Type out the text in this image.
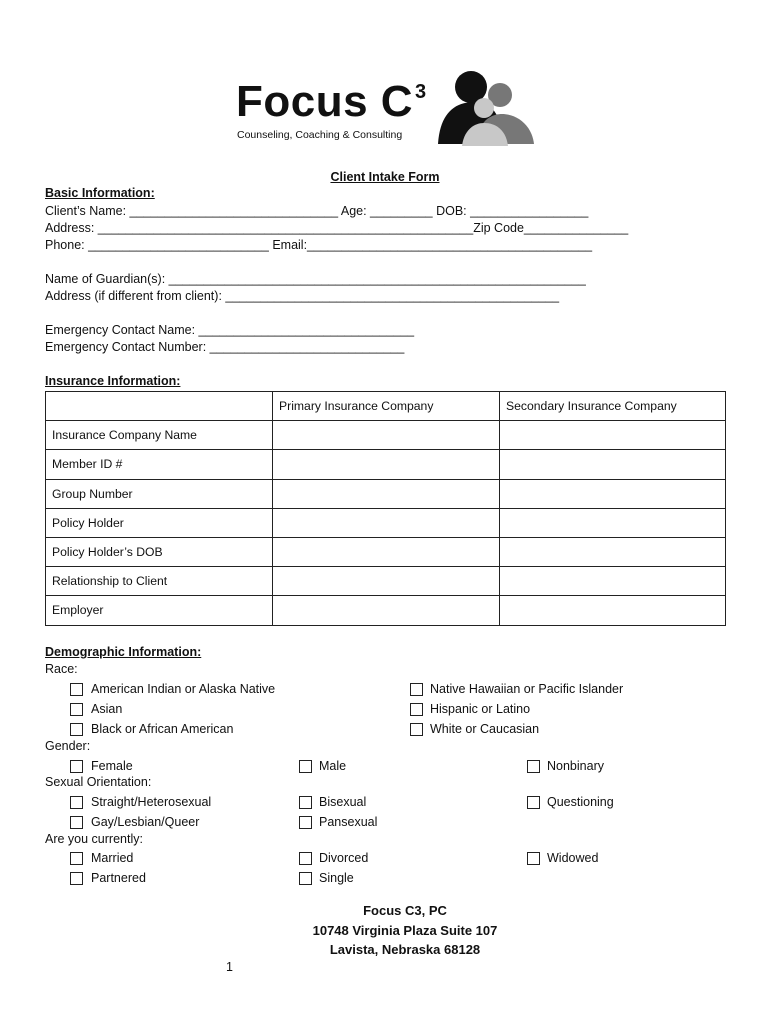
Focus C 3
Counseling, Coaching & Consulting
Client Intake Form
Basic Information:
Client’s Name: ______________________________ Age: _________ DOB: _________________
Address: ______________________________________________________Zip Code_______________
Phone: __________________________ Email:_________________________________________
Name of Guardian(s): ____________________________________________________________
Address (if different from client): ________________________________________________
Emergency Contact Name: _______________________________
Emergency Contact Number: ____________________________
Insurance Information:
	Primary Insurance Company	Secondary Insurance Company
Insurance Company Name		
Member ID #		
Group Number		
Policy Holder		
Policy Holder’s DOB		
Relationship to Client		
Employer		
Demographic Information:
Race:
American Indian or Alaska Native
Asian
Black or African American
Native Hawaiian or Pacific Islander
Hispanic or Latino
White or Caucasian
Gender:
Female	Male	Nonbinary
Sexual Orientation:
Straight/Heterosexual	Bisexual	Questioning
Gay/Lesbian/Queer	Pansexual
Are you currently:
Married	Divorced	Widowed
Partnered	Single
Focus C3, PC
10748 Virginia Plaza Suite 107
Lavista, Nebraska 68128
1
